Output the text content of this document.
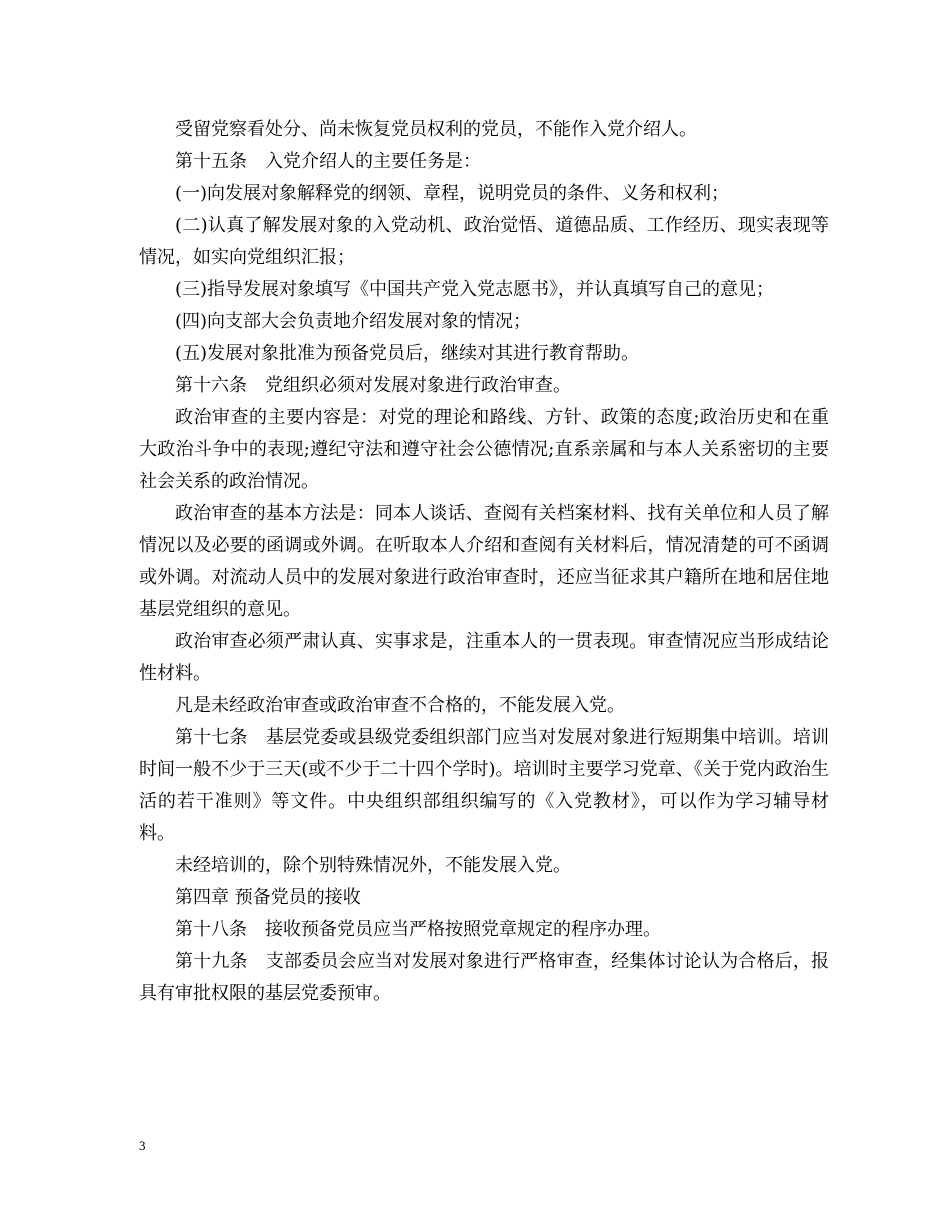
受留党察看处分、尚未恢复党员权利的党员，不能作入党介绍人。

第十五条　入党介绍人的主要任务是：

(一)向发展对象解释党的纲领、章程，说明党员的条件、义务和权利；

(二)认真了解发展对象的入党动机、政治觉悟、道德品质、工作经历、现实表现等情况，如实向党组织汇报；

(三)指导发展对象填写《中国共产党入党志愿书》，并认真填写自己的意见；

(四)向支部大会负责地介绍发展对象的情况；

(五)发展对象批准为预备党员后，继续对其进行教育帮助。

第十六条　党组织必须对发展对象进行政治审查。

政治审查的主要内容是：对党的理论和路线、方针、政策的态度;政治历史和在重大政治斗争中的表现;遵纪守法和遵守社会公德情况;直系亲属和与本人关系密切的主要社会关系的政治情况。

政治审查的基本方法是：同本人谈话、查阅有关档案材料、找有关单位和人员了解情况以及必要的函调或外调。在听取本人介绍和查阅有关材料后，情况清楚的可不函调或外调。对流动人员中的发展对象进行政治审查时，还应当征求其户籍所在地和居住地基层党组织的意见。

政治审查必须严肃认真、实事求是，注重本人的一贯表现。审查情况应当形成结论性材料。

凡是未经政治审查或政治审查不合格的，不能发展入党。

第十七条　基层党委或县级党委组织部门应当对发展对象进行短期集中培训。培训时间一般不少于三天(或不少于二十四个学时)。培训时主要学习党章、《关于党内政治生活的若干准则》等文件。中央组织部组织编写的《入党教材》，可以作为学习辅导材料。

未经培训的，除个别特殊情况外，不能发展入党。

第四章 预备党员的接收

第十八条　接收预备党员应当严格按照党章规定的程序办理。

第十九条　支部委员会应当对发展对象进行严格审查，经集体讨论认为合格后，报具有审批权限的基层党委预审。

3
